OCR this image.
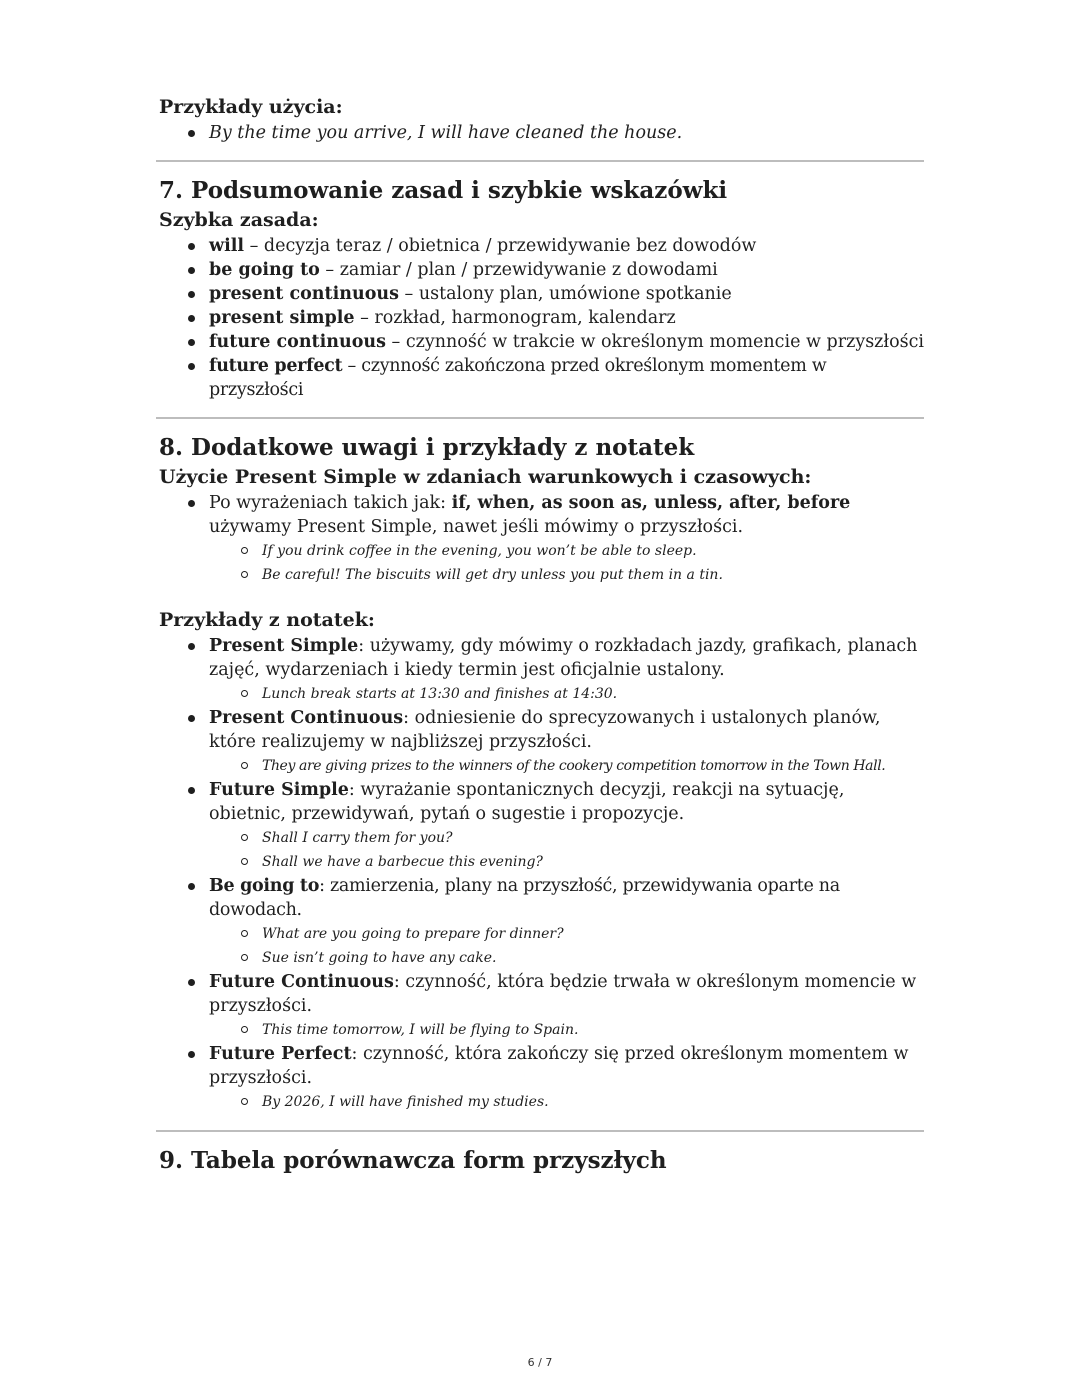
Przykłady użycia:
By the time you arrive, I will have cleaned the house.
7. Podsumowanie zasad i szybkie wskazówki
Szybka zasada:
will – decyzja teraz / obietnica / przewidywanie bez dowodów
be going to – zamiar / plan / przewidywanie z dowodami
present continuous – ustalony plan, umówione spotkanie
present simple – rozkład, harmonogram, kalendarz
future continuous – czynność w trakcie w określonym momencie w przyszłości
future perfect – czynność zakończona przed określonym momentem w przyszłości
8. Dodatkowe uwagi i przykłady z notatek
Użycie Present Simple w zdaniach warunkowych i czasowych:
Po wyrażeniach takich jak: if, when, as soon as, unless, after, before używamy Present Simple, nawet jeśli mówimy o przyszłości.
If you drink coffee in the evening, you won’t be able to sleep.
Be careful! The biscuits will get dry unless you put them in a tin.
Przykłady z notatek:
Present Simple: używamy, gdy mówimy o rozkładach jazdy, grafikach, planach zajęć, wydarzeniach i kiedy termin jest oficjalnie ustalony.
Lunch break starts at 13:30 and finishes at 14:30.
Present Continuous: odniesienie do sprecyzowanych i ustalonych planów, które realizujemy w najbliższej przyszłości.
They are giving prizes to the winners of the cookery competition tomorrow in the Town Hall.
Future Simple: wyrażanie spontanicznych decyzji, reakcji na sytuację, obietnic, przewidywań, pytań o sugestie i propozycje.
Shall I carry them for you?
Shall we have a barbecue this evening?
Be going to: zamierzenia, plany na przyszłość, przewidywania oparte na dowodach.
What are you going to prepare for dinner?
Sue isn’t going to have any cake.
Future Continuous: czynność, która będzie trwała w określonym momencie w przyszłości.
This time tomorrow, I will be flying to Spain.
Future Perfect: czynność, która zakończy się przed określonym momentem w przyszłości.
By 2026, I will have finished my studies.
9. Tabela porównawcza form przyszłych
6 / 7
